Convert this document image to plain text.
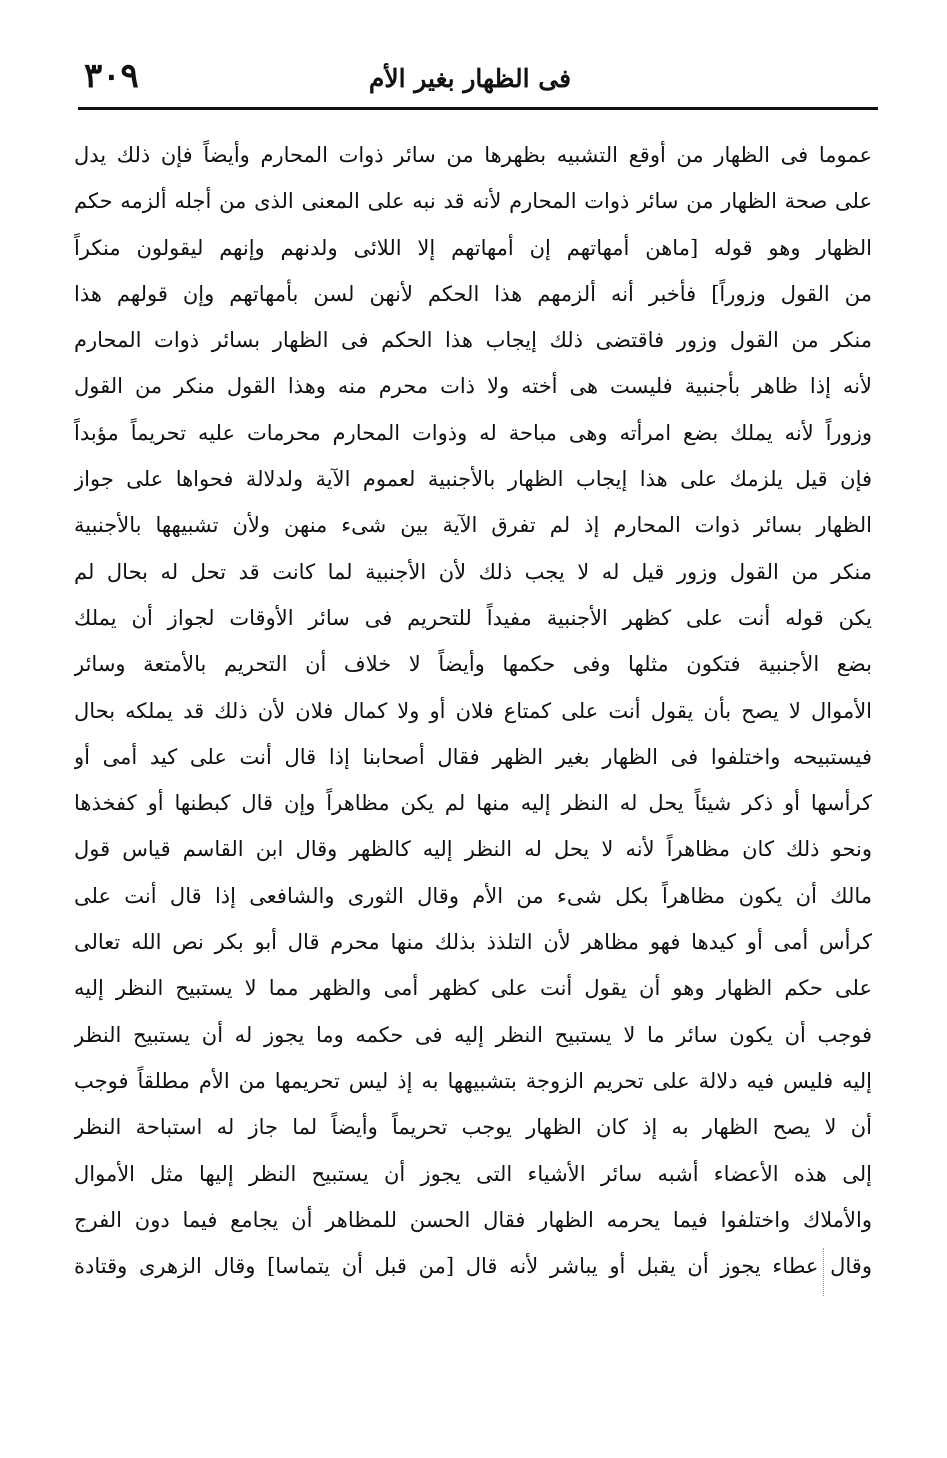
فى الظهار بغير الأم
٣٠٩
عموما فى الظهار من أوقع التشبيه بظهرها من سائر ذوات المحارم وأيضاً فإن ذلك يدل
على صحة الظهار من سائر ذوات المحارم لأنه قد نبه على المعنى الذى من أجله ألزمه حكم
الظهار وهو قوله [ماهن أمهاتهم إن أمهاتهم إلا اللائى ولدنهم وإنهم ليقولون منكراً
من القول وزوراً] فأخبر أنه ألزمهم هذا الحكم لأنهن لسن بأمهاتهم وإن قولهم هذا
منكر من القول وزور فاقتضى ذلك إيجاب هذا الحكم فى الظهار بسائر ذوات المحارم
لأنه إذا ظاهر بأجنبية فليست هى أخته ولا ذات محرم منه وهذا القول منكر من القول
وزوراً لأنه يملك بضع امرأته وهى مباحة له وذوات المحارم محرمات عليه تحريماً مؤبداً
فإن قيل يلزمك على هذا إيجاب الظهار بالأجنبية لعموم الآية ولدلالة فحواها على جواز
الظهار بسائر ذوات المحارم إذ لم تفرق الآية بين شىء منهن ولأن تشبيهها بالأجنبية
منكر من القول وزور قيل له لا يجب ذلك لأن الأجنبية لما كانت قد تحل له بحال لم
يكن قوله أنت على كظهر الأجنبية مفيداً للتحريم فى سائر الأوقات لجواز أن يملك
بضع الأجنبية فتكون مثلها وفى حكمها وأيضاً لا خلاف أن التحريم بالأمتعة وسائر
الأموال لا يصح بأن يقول أنت على كمتاع فلان أو ولا كمال فلان لأن ذلك قد يملكه بحال
فيستبيحه واختلفوا فى الظهار بغير الظهر فقال أصحابنا إذا قال أنت على كيد أمى أو
كرأسها أو ذكر شيئاً يحل له النظر إليه منها لم يكن مظاهراً وإن قال كبطنها أو كفخذها
ونحو ذلك كان مظاهراً لأنه لا يحل له النظر إليه كالظهر وقال ابن القاسم قياس قول
مالك أن يكون مظاهراً بكل شىء من الأم وقال الثورى والشافعى إذا قال أنت على
كرأس أمى أو كيدها فهو مظاهر لأن التلذذ بذلك منها محرم قال أبو بكر نص الله تعالى
على حكم الظهار وهو أن يقول أنت على كظهر أمى والظهر مما لا يستبيح النظر إليه
فوجب أن يكون سائر ما لا يستبيح النظر إليه فى حكمه وما يجوز له أن يستبيح النظر
إليه فليس فيه دلالة على تحريم الزوجة بتشبيهها به إذ ليس تحريمها من الأم مطلقاً فوجب
أن لا يصح الظهار به إذ كان الظهار يوجب تحريماً وأيضاً لما جاز له استباحة النظر
إلى هذه الأعضاء أشبه سائر الأشياء التى يجوز أن يستبيح النظر إليها مثل الأموال
والأملاك واختلفوا فيما يحرمه الظهار فقال الحسن للمظاهر أن يجامع فيما دون الفرج
وقال عطاء يجوز أن يقبل أو يباشر لأنه قال [من قبل أن يتماسا] وقال الزهرى وقتادة
